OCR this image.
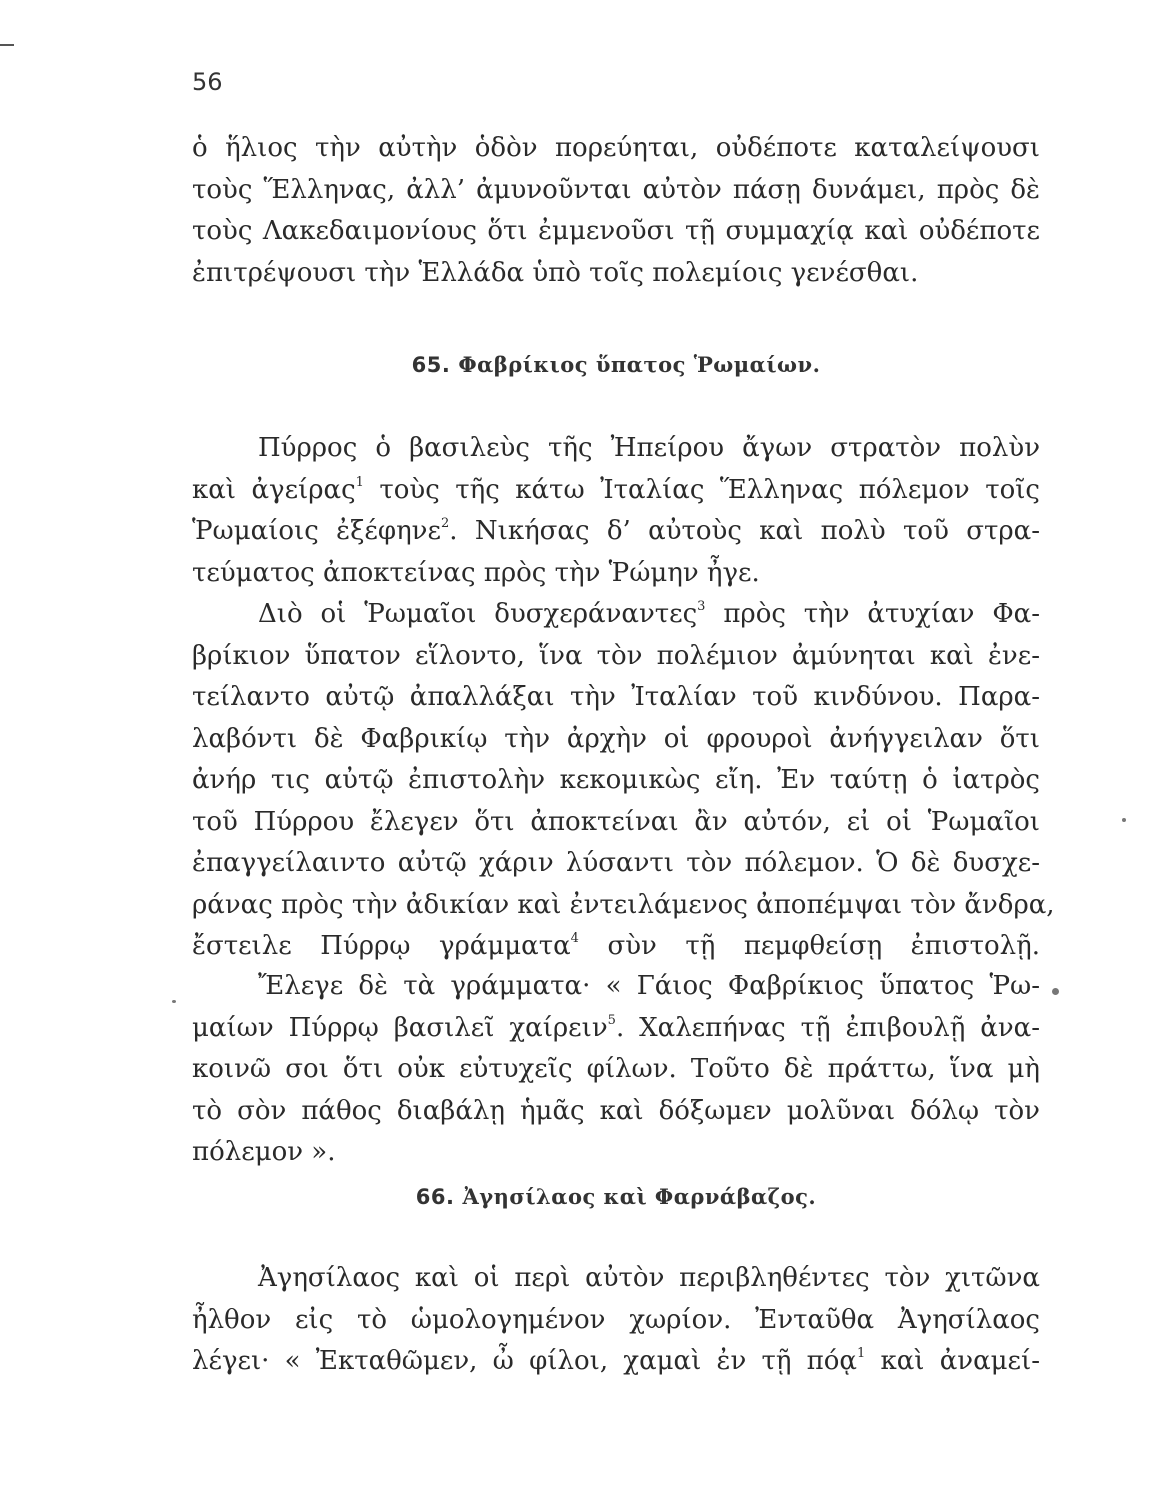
56
ὁ ἥλιος τὴν αὐτὴν ὁδὸν πορεύηται, οὐδέποτε καταλείψουσι
τοὺς Ἕλληνας, ἀλλ’ ἀμυνοῦνται αὐτὸν πάσῃ δυνάμει, πρὸς δὲ
τοὺς Λακεδαιμονίους ὅτι ἐμμενοῦσι τῇ συμμαχίᾳ καὶ οὐδέποτε
ἐπιτρέψουσι τὴν Ἑλλάδα ὑπὸ τοῖς πολεμίοις γενέσθαι.
65. Φαβρίκιος ὕπατος Ῥωμαίων.
Πύρρος ὁ βασιλεὺς τῆς Ἠπείρου ἄγων στρατὸν πολὺν
καὶ ἀγείρας$^1$ τοὺς τῆς κάτω Ἰταλίας Ἕλληνας πόλεμον τοῖς
Ῥωμαίοις ἐξέφηνε$^2$. Νικήσας δ’ αὐτοὺς καὶ πολὺ τοῦ στρα-
τεύματος ἀποκτείνας πρὸς τὴν Ῥώμην ἦγε.
Διὸ οἱ Ῥωμαῖοι δυσχεράναντες$^3$ πρὸς τὴν ἀτυχίαν Φα-
βρίκιον ὕπατον εἵλοντο, ἵνα τὸν πολέμιον ἀμύνηται καὶ ἐνε-
τείλαντο αὐτῷ ἀπαλλάξαι τὴν Ἰταλίαν τοῦ κινδύνου. Παρα-
λαβόντι δὲ Φαβρικίῳ τὴν ἀρχὴν οἱ φρουροὶ ἀνήγγειλαν ὅτι
ἀνήρ τις αὐτῷ ἐπιστολὴν κεκομικὼς εἴη. Ἐν ταύτῃ ὁ ἰατρὸς
τοῦ Πύρρου ἔλεγεν ὅτι ἀποκτείναι ἂν αὐτόν, εἰ οἱ Ῥωμαῖοι
ἐπαγγείλαιντο αὐτῷ χάριν λύσαντι τὸν πόλεμον. Ὁ δὲ δυσχε-
ράνας πρὸς τὴν ἀδικίαν καὶ ἐντειλάμενος ἀποπέμψαι τὸν ἄνδρα,
ἔστειλε Πύρρῳ γράμματα$^4$ σὺν τῇ πεμφθείσῃ ἐπιστολῇ.
Ἔλεγε δὲ τὰ γράμματα· « Γάιος Φαβρίκιος ὕπατος Ῥω-
μαίων Πύρρῳ βασιλεῖ χαίρειν$^5$. Χαλεπήνας τῇ ἐπιβουλῇ ἀνα-
κοινῶ σοι ὅτι οὐκ εὐτυχεῖς φίλων. Τοῦτο δὲ πράττω, ἵνα μὴ
τὸ σὸν πάθος διαβάλῃ ἡμᾶς καὶ δόξωμεν μολῦναι δόλῳ τὸν
πόλεμον ».
66. Ἀγησίλαος καὶ Φαρνάβαζος.
Ἀγησίλαος καὶ οἱ περὶ αὐτὸν περιβληθέντες τὸν χιτῶνα
ἦλθον εἰς τὸ ὡμολογημένον χωρίον. Ἐνταῦθα Ἀγησίλαος
λέγει· « Ἐκταθῶμεν, ὦ φίλοι, χαμαὶ ἐν τῇ πόᾳ$^1$ καὶ ἀναμεί-
